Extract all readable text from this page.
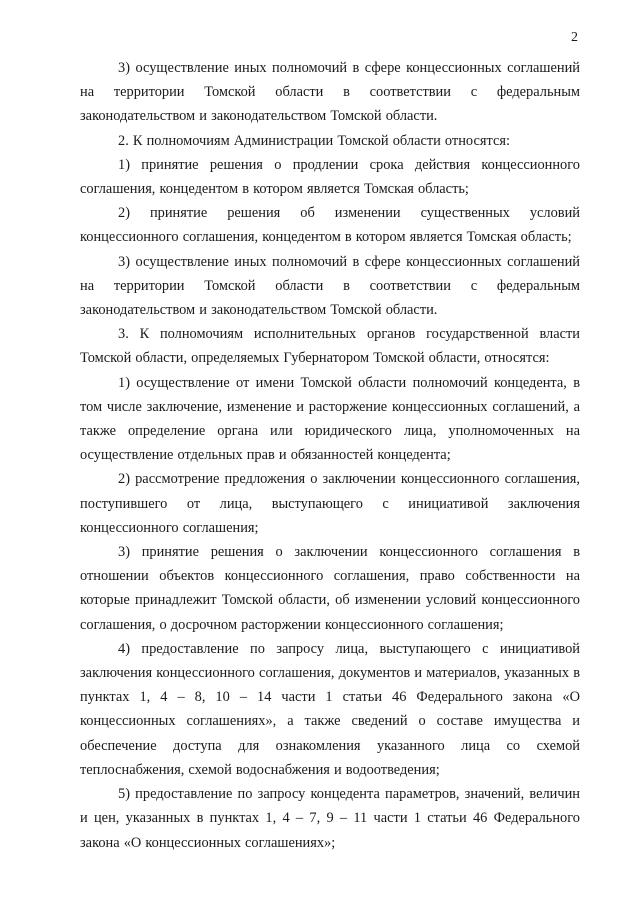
2

3) осуществление иных полномочий в сфере концессионных соглашений на территории Томской области в соответствии с федеральным законодательством и законодательством Томской области.

2. К полномочиям Администрации Томской области относятся:

1) принятие решения о продлении срока действия концессионного соглашения, концедентом в котором является Томская область;

2) принятие решения об изменении существенных условий концессионного соглашения, концедентом в котором является Томская область;

3) осуществление иных полномочий в сфере концессионных соглашений на территории Томской области в соответствии с федеральным законодательством и законодательством Томской области.

3. К полномочиям исполнительных органов государственной власти Томской области, определяемых Губернатором Томской области, относятся:

1) осуществление от имени Томской области полномочий концедента, в том числе заключение, изменение и расторжение концессионных соглашений, а также определение органа или юридического лица, уполномоченных на осуществление отдельных прав и обязанностей концедента;

2) рассмотрение предложения о заключении концессионного соглашения, поступившего от лица, выступающего с инициативой заключения концессионного соглашения;

3) принятие решения о заключении концессионного соглашения в отношении объектов концессионного соглашения, право собственности на которые принадлежит Томской области, об изменении условий концессионного соглашения, о досрочном расторжении концессионного соглашения;

4) предоставление по запросу лица, выступающего с инициативой заключения концессионного соглашения, документов и материалов, указанных в пунктах 1, 4 – 8, 10 – 14 части 1 статьи 46 Федерального закона «О концессионных соглашениях», а также сведений о составе имущества и обеспечение доступа для ознакомления указанного лица со схемой теплоснабжения, схемой водоснабжения и водоотведения;

5) предоставление по запросу концедента параметров, значений, величин и цен, указанных в пунктах 1, 4 – 7, 9 – 11 части 1 статьи 46 Федерального закона «О концессионных соглашениях»;
